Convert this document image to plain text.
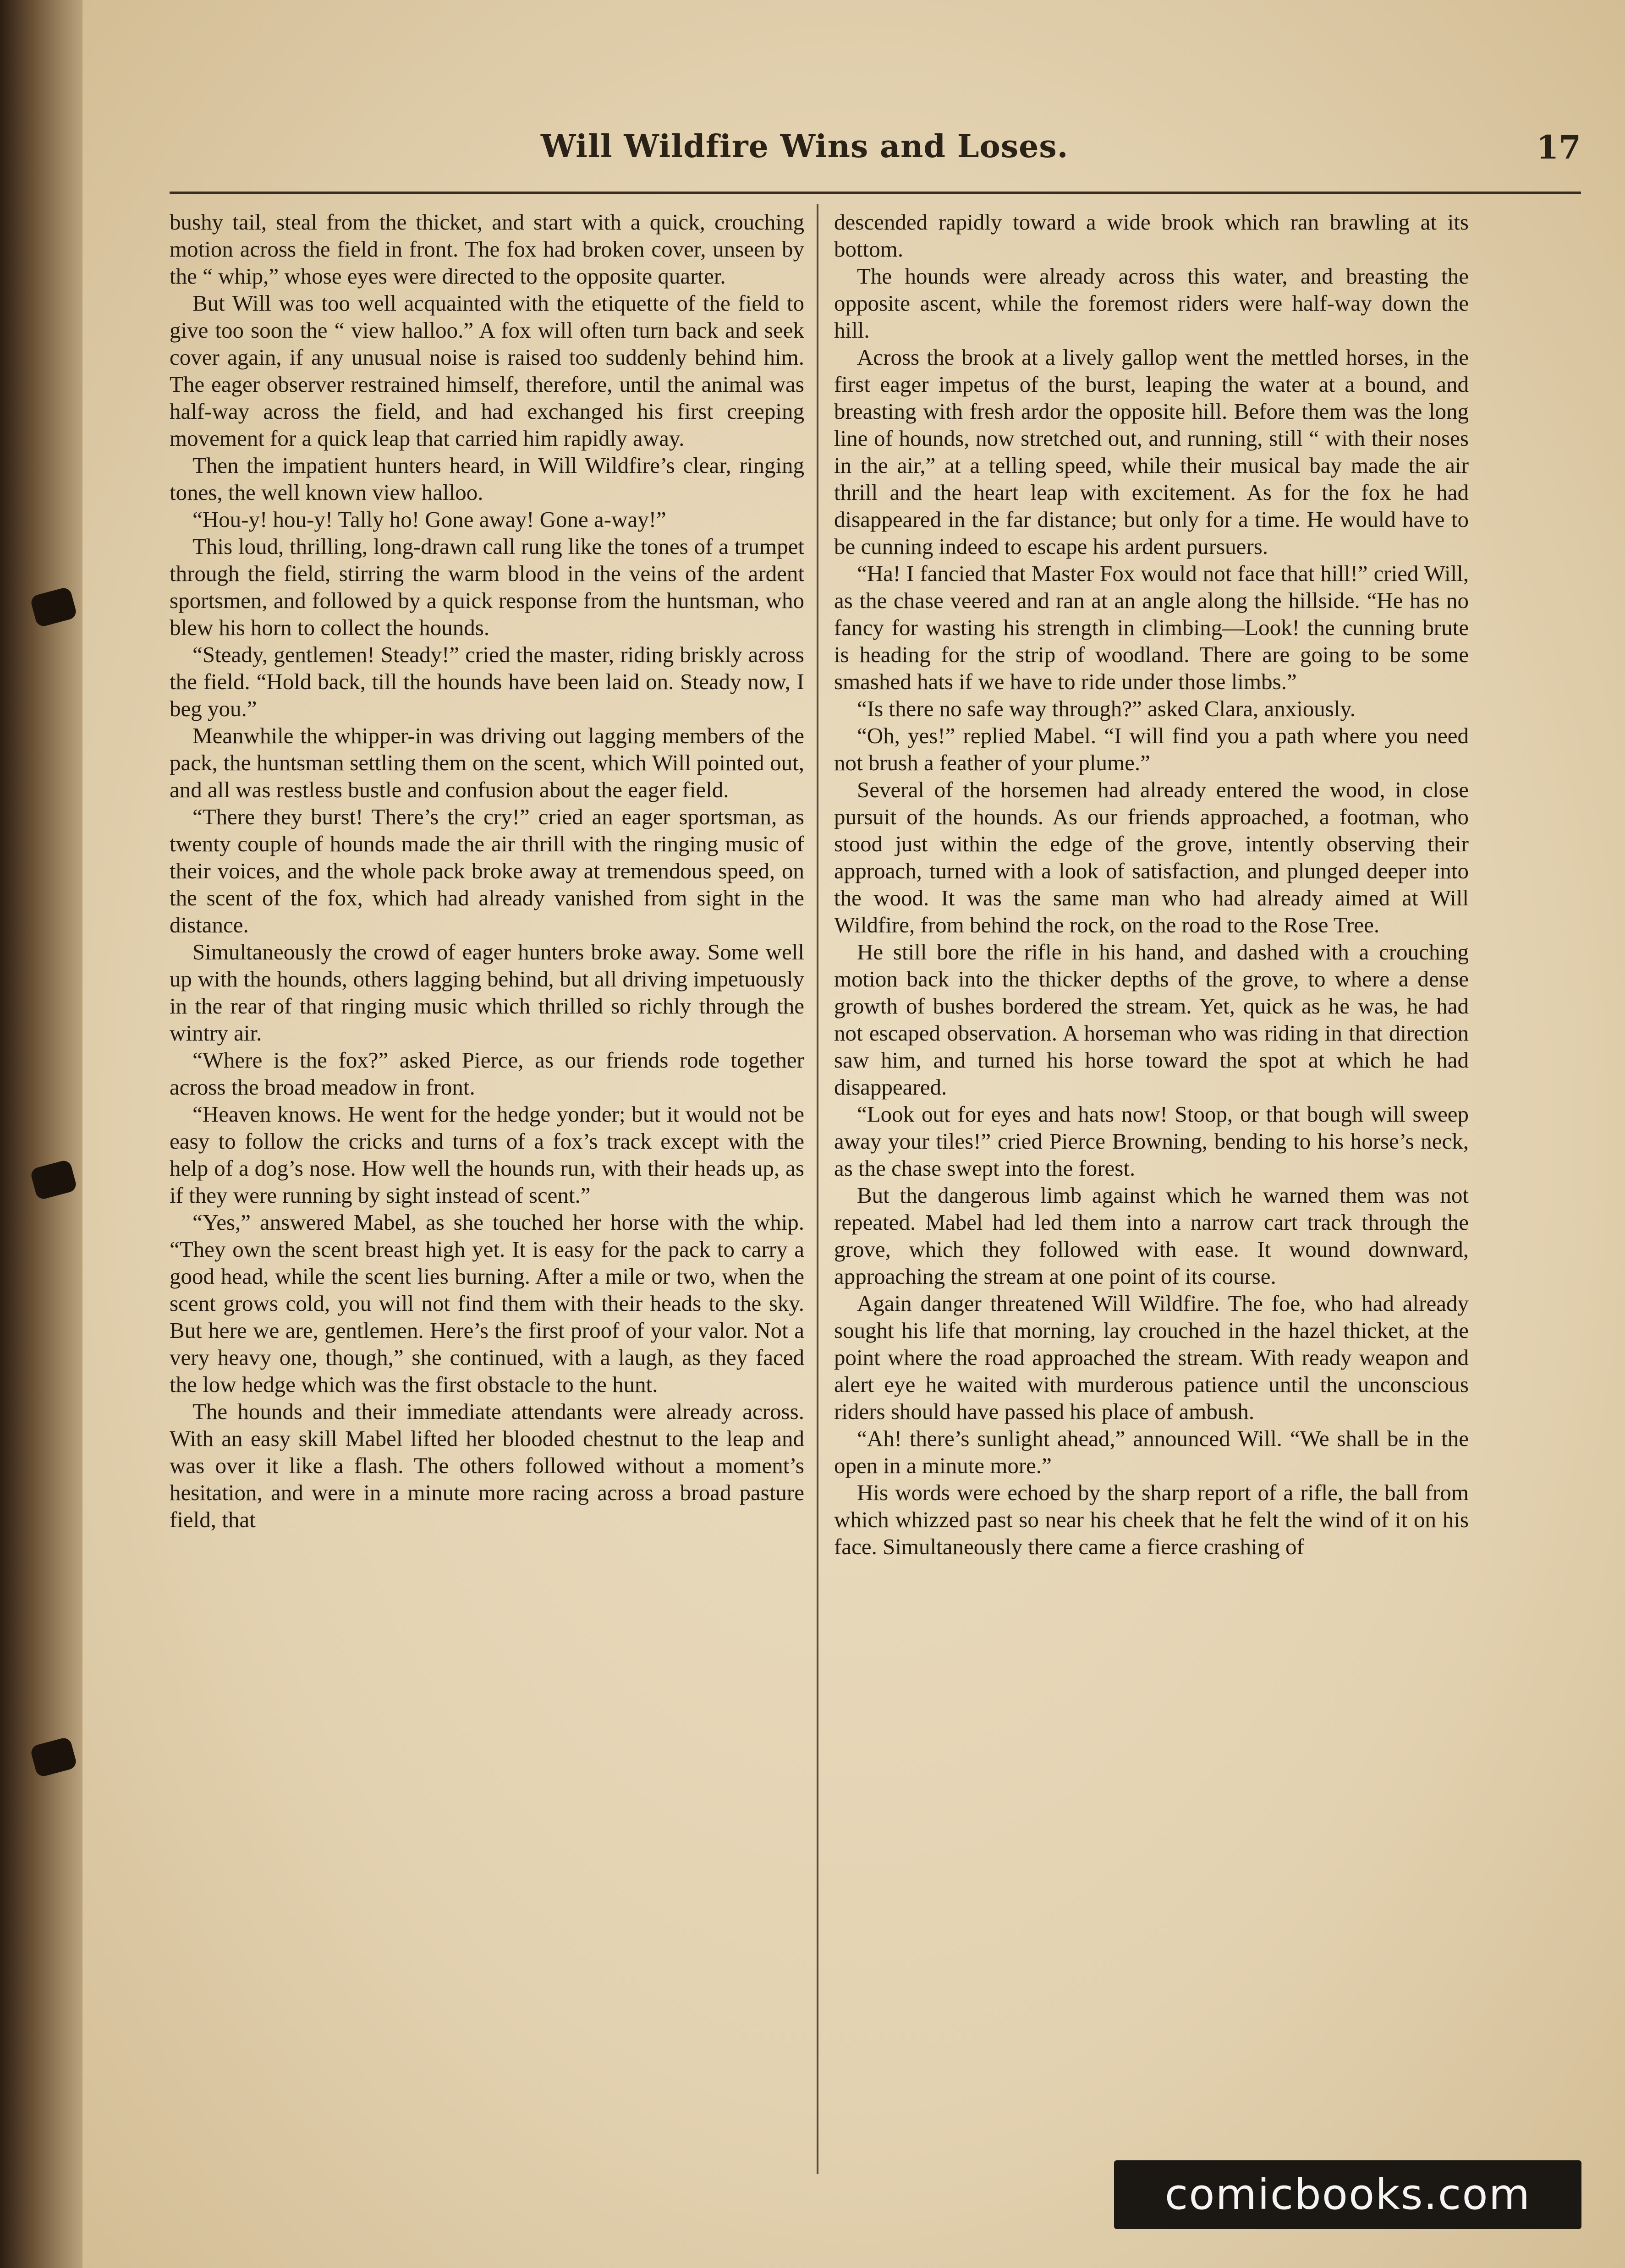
Will Wildfire Wins and Loses.	17

bushy tail, steal from the thicket, and start with a quick, crouching motion across the field in front. The fox had broken cover, unseen by the “ whip,” whose eyes were directed to the opposite quarter.

But Will was too well acquainted with the etiquette of the field to give too soon the “ view halloo.” A fox will often turn back and seek cover again, if any unusual noise is raised too suddenly behind him. The eager observer restrained himself, therefore, until the animal was half-way across the field, and had exchanged his first creeping movement for a quick leap that carried him rapidly away.

Then the impatient hunters heard, in Will Wildfire’s clear, ringing tones, the well known view halloo.

“Hou-y! hou-y! Tally ho! Gone away! Gone a-way!”

This loud, thrilling, long-drawn call rung like the tones of a trumpet through the field, stirring the warm blood in the veins of the ardent sportsmen, and followed by a quick response from the huntsman, who blew his horn to collect the hounds.

“Steady, gentlemen! Steady!” cried the master, riding briskly across the field. “Hold back, till the hounds have been laid on. Steady now, I beg you.”

Meanwhile the whipper-in was driving out lagging members of the pack, the huntsman settling them on the scent, which Will pointed out, and all was restless bustle and confusion about the eager field.

“There they burst! There’s the cry!” cried an eager sportsman, as twenty couple of hounds made the air thrill with the ringing music of their voices, and the whole pack broke away at tremendous speed, on the scent of the fox, which had already vanished from sight in the distance.

Simultaneously the crowd of eager hunters broke away. Some well up with the hounds, others lagging behind, but all driving impetuously in the rear of that ringing music which thrilled so richly through the wintry air.

“Where is the fox?” asked Pierce, as our friends rode together across the broad meadow in front.

“Heaven knows. He went for the hedge yonder; but it would not be easy to follow the cricks and turns of a fox’s track except with the help of a dog’s nose. How well the hounds run, with their heads up, as if they were running by sight instead of scent.”

“Yes,” answered Mabel, as she touched her horse with the whip. “They own the scent breast high yet. It is easy for the pack to carry a good head, while the scent lies burning. After a mile or two, when the scent grows cold, you will not find them with their heads to the sky. But here we are, gentlemen. Here’s the first proof of your valor. Not a very heavy one, though,” she continued, with a laugh, as they faced the low hedge which was the first obstacle to the hunt.

The hounds and their immediate attendants were already across. With an easy skill Mabel lifted her blooded chestnut to the leap and was over it like a flash. The others followed without a moment’s hesitation, and were in a minute more racing across a broad pasture field, that

descended rapidly toward a wide brook which ran brawling at its bottom.

The hounds were already across this water, and breasting the opposite ascent, while the foremost riders were half-way down the hill.

Across the brook at a lively gallop went the mettled horses, in the first eager impetus of the burst, leaping the water at a bound, and breasting with fresh ardor the opposite hill. Before them was the long line of hounds, now stretched out, and running, still “ with their noses in the air,” at a telling speed, while their musical bay made the air thrill and the heart leap with excitement. As for the fox he had disappeared in the far distance; but only for a time. He would have to be cunning indeed to escape his ardent pursuers.

“Ha! I fancied that Master Fox would not face that hill!” cried Will, as the chase veered and ran at an angle along the hillside. “He has no fancy for wasting his strength in climbing—Look! the cunning brute is heading for the strip of woodland. There are going to be some smashed hats if we have to ride under those limbs.”

“Is there no safe way through?” asked Clara, anxiously.

“Oh, yes!” replied Mabel. “I will find you a path where you need not brush a feather of your plume.”

Several of the horsemen had already entered the wood, in close pursuit of the hounds. As our friends approached, a footman, who stood just within the edge of the grove, intently observing their approach, turned with a look of satisfaction, and plunged deeper into the wood. It was the same man who had already aimed at Will Wildfire, from behind the rock, on the road to the Rose Tree.

He still bore the rifle in his hand, and dashed with a crouching motion back into the thicker depths of the grove, to where a dense growth of bushes bordered the stream. Yet, quick as he was, he had not escaped observation. A horseman who was riding in that direction saw him, and turned his horse toward the spot at which he had disappeared.

“Look out for eyes and hats now! Stoop, or that bough will sweep away your tiles!” cried Pierce Browning, bending to his horse’s neck, as the chase swept into the forest.

But the dangerous limb against which he warned them was not repeated. Mabel had led them into a narrow cart track through the grove, which they followed with ease. It wound downward, approaching the stream at one point of its course.

Again danger threatened Will Wildfire. The foe, who had already sought his life that morning, lay crouched in the hazel thicket, at the point where the road approached the stream. With ready weapon and alert eye he waited with murderous patience until the unconscious riders should have passed his place of ambush.

“Ah! there’s sunlight ahead,” announced Will. “We shall be in the open in a minute more.”

His words were echoed by the sharp report of a rifle, the ball from which whizzed past so near his cheek that he felt the wind of it on his face. Simultaneously there came a fierce crashing of

comicbooks.com
